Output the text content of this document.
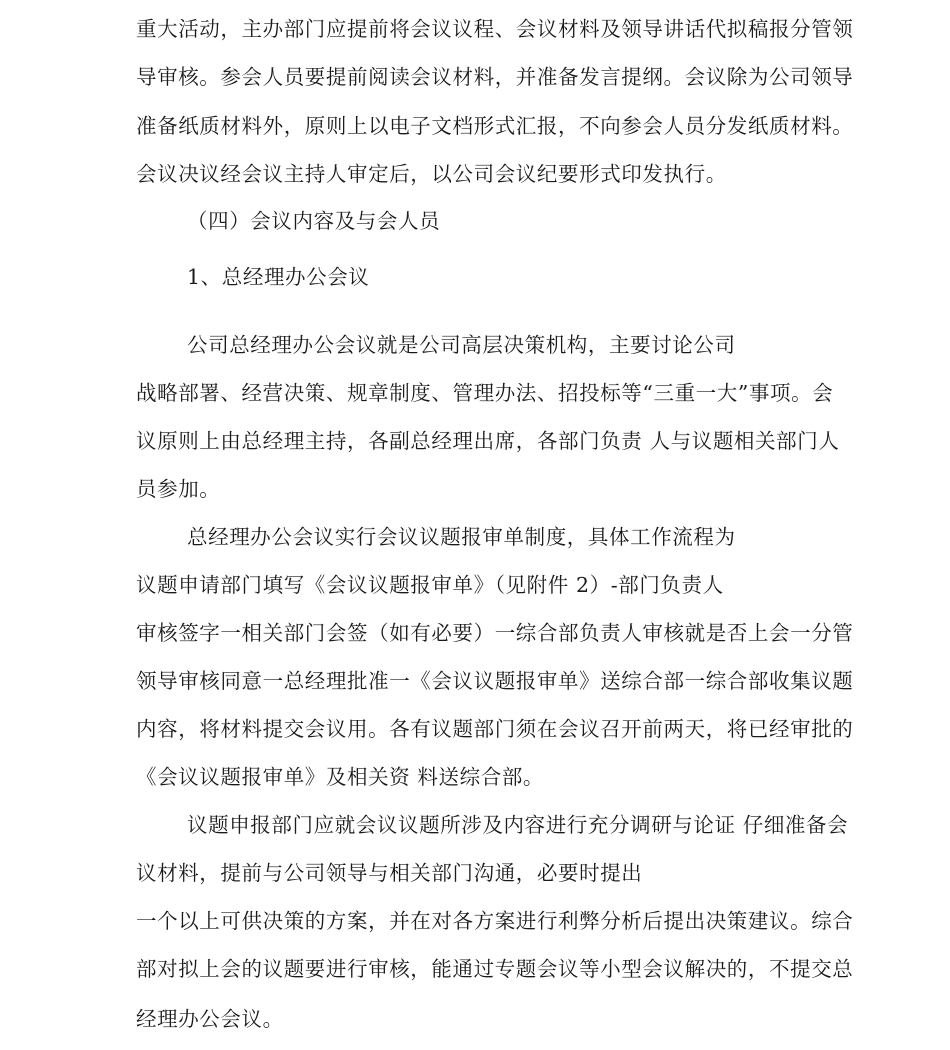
重大活动，主办部门应提前将会议议程、会议材料及领导讲话代拟稿报分管领
导审核。参会人员要提前阅读会议材料，并准备发言提纲。会议除为公司领导
准备纸质材料外，原则上以电子文档形式汇报，不向参会人员分发纸质材料。
会议决议经会议主持人审定后，以公司会议纪要形式印发执行。
（四）会议内容及与会人员
1、总经理办公会议
公司总经理办公会议就是公司高层决策机构，主要讨论公司
战略部署、经营决策、规章制度、管理办法、招投标等“三重一大”事项。会
议原则上由总经理主持，各副总经理出席，各部门负责 人与议题相关部门人
员参加。
总经理办公会议实行会议议题报审单制度，具体工作流程为
议题申请部门填写《会议议题报审单》（见附件 2）-部门负责人
审核签字一相关部门会签（如有必要）一综合部负责人审核就是否上会一分管
领导审核同意一总经理批准一《会议议题报审单》送综合部一综合部收集议题
内容，将材料提交会议用。各有议题部门须在会议召开前两天，将已经审批的
《会议议题报审单》及相关资 料送综合部。
议题申报部门应就会议议题所涉及内容进行充分调研与论证 仔细准备会
议材料，提前与公司领导与相关部门沟通，必要时提出
一个以上可供决策的方案，并在对各方案进行利弊分析后提出决策建议。综合
部对拟上会的议题要进行审核，能通过专题会议等小型会议解决的，不提交总
经理办公会议。
